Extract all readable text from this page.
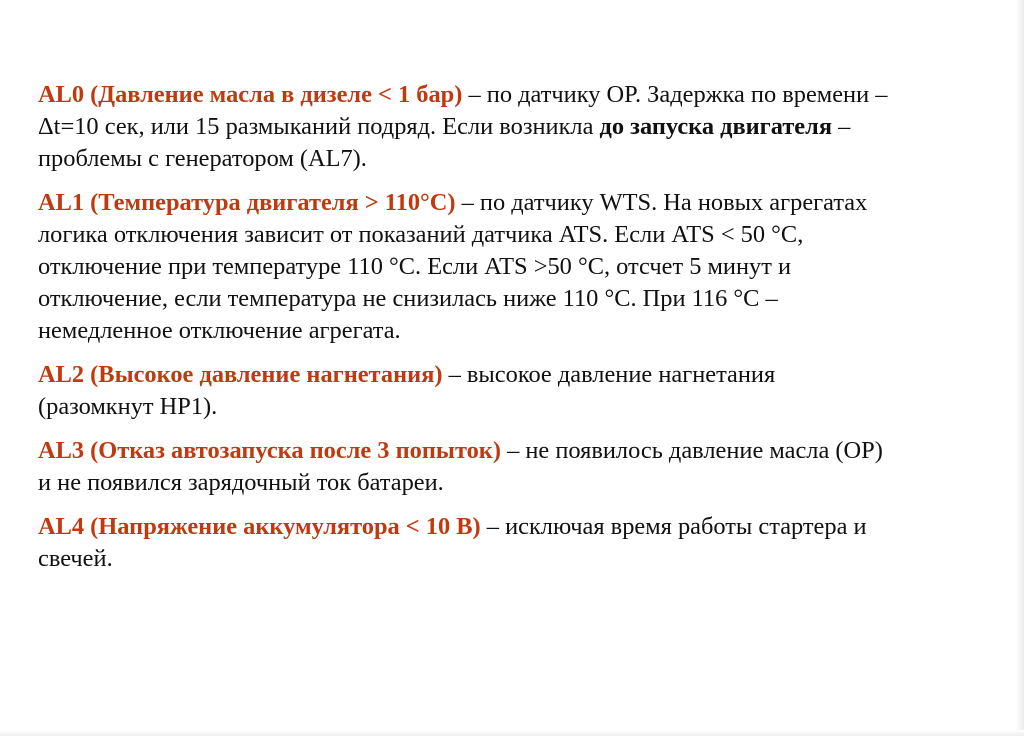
AL0 (Давление масла в дизеле < 1 бар) – по датчику OP. Задержка по времени –
Δt=10 сек, или 15 размыканий подряд. Если возникла до запуска двигателя –
проблемы с генератором (AL7).

AL1 (Температура двигателя > 110°C) – по датчику WTS. На новых агрегатах
логика отключения зависит от показаний датчика ATS. Если ATS < 50 °C,
отключение при температуре 110 °C. Если ATS >50 °C, отсчет 5 минут и
отключение, если температура не снизилась ниже 110 °C. При 116 °C –
немедленное отключение агрегата.

AL2 (Высокое давление нагнетания) – высокое давление нагнетания
(разомкнут HP1).

AL3 (Отказ автозапуска после 3 попыток) – не появилось давление масла (OP)
и не появился зарядочный ток батареи.

AL4 (Напряжение аккумулятора < 10 В) – исключая время работы стартера и
свечей.
